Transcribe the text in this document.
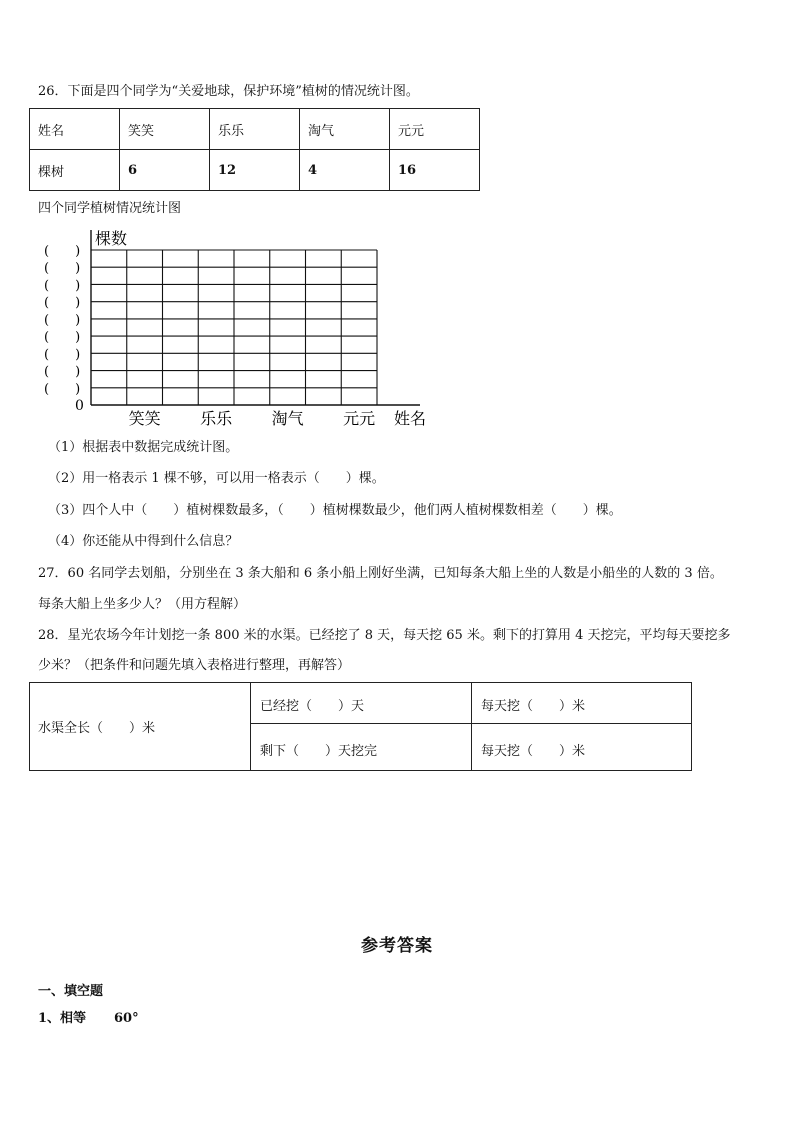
26．下面是四个同学为“关爱地球，保护环境”植树的情况统计图。
姓名	笑笑	乐乐	淘气	元元
棵树	6	12	4	16
四个同学植树情况统计图
(　　)
(　　)
(　　)
(　　)
(　　)
(　　)
(　　)
(　　)
(　　)
笑笑 乐乐 淘气 元元
棵数
姓名
0
（1）根据表中数据完成统计图。
（2）用一格表示 1 棵不够，可以用一格表示（　　）棵。
（3）四个人中（　　）植树棵数最多，（　　）植树棵数最少，他们两人植树棵数相差（　　）棵。
（4）你还能从中得到什么信息？
27．60 名同学去划船，分别坐在 3 条大船和 6 条小船上刚好坐满，已知每条大船上坐的人数是小船坐的人数的 3 倍。
每条大船上坐多少人？（用方程解）
28．星光农场今年计划挖一条 800 米的水渠。已经挖了 8 天，每天挖 65 米。剩下的打算用 4 天挖完，平均每天要挖多
少米？（把条件和问题先填入表格进行整理，再解答）
水渠全长（　　）米
已经挖（　　）天	每天挖（　　）米
剩下（　　）天挖完	每天挖（　　）米
参考答案
一、填空题
1、相等 60°
